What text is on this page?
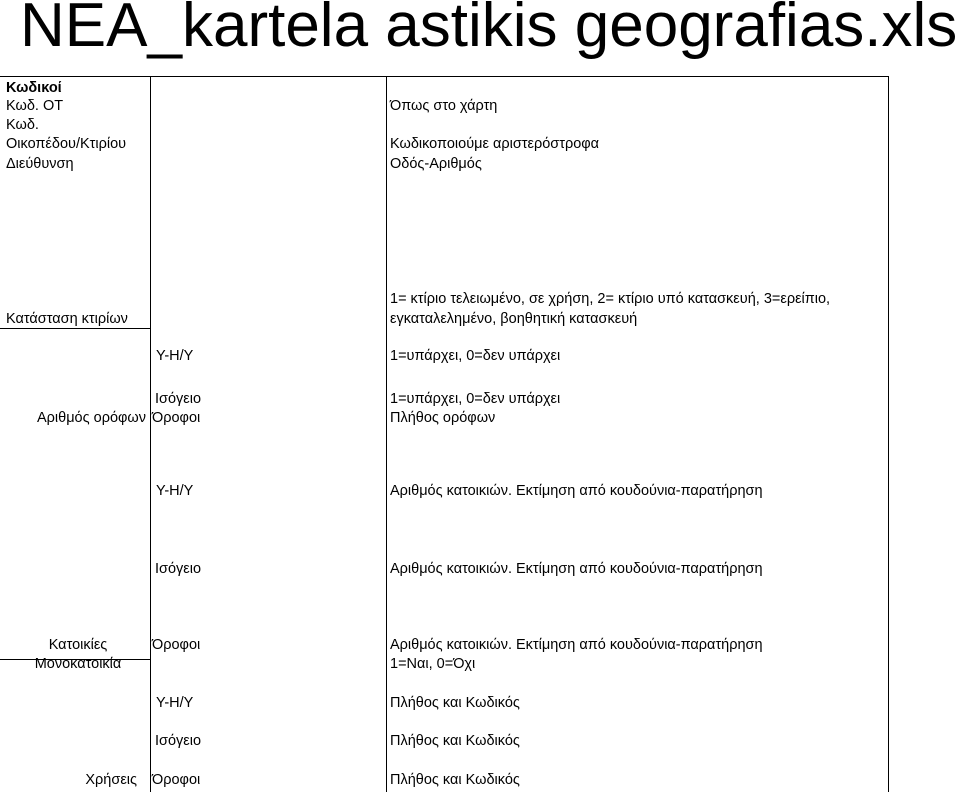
NEA_kartela astikis geografias.xls
Κωδικοί
Κωδ. ΟΤ
Κωδ.
Οικοπέδου/Κτιρίου
Διεύθυνση
Κατάσταση κτιρίων
Αριθμός ορόφων
Κατοικίες
Μονοκατοικία
Χρήσεις
Υ-Η/Υ
Ισόγειο
Όροφοι
Υ-Η/Υ
Ισόγειο
Όροφοι
Υ-Η/Υ
Ισόγειο
Όροφοι
Όπως στο χάρτη
Κωδικοποιούμε αριστερόστροφα
Οδός-Αριθμός
1= κτίριο τελειωμένο, σε χρήση, 2= κτίριο υπό κατασκευή, 3=ερείπιο,
εγκαταλελημένο, βοηθητική κατασκευή
1=υπάρχει, 0=δεν υπάρχει
1=υπάρχει, 0=δεν υπάρχει
Πλήθος ορόφων
Αριθμός κατοικιών. Εκτίμηση από κουδούνια-παρατήρηση
Αριθμός κατοικιών. Εκτίμηση από κουδούνια-παρατήρηση
Αριθμός κατοικιών. Εκτίμηση από κουδούνια-παρατήρηση
1=Ναι, 0=Όχι
Πλήθος και Κωδικός
Πλήθος και Κωδικός
Πλήθος και Κωδικός
